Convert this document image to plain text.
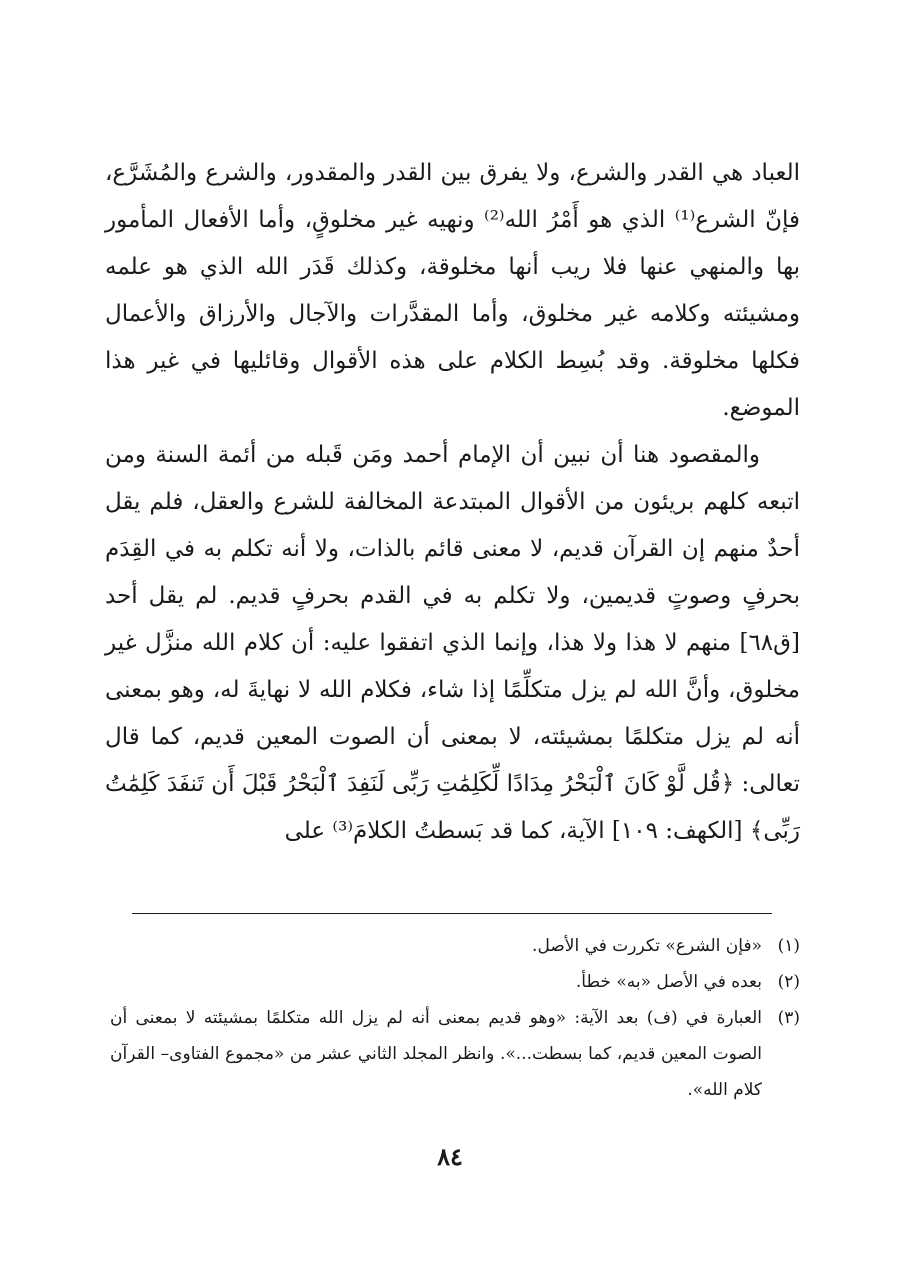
العباد هي القدر والشرع، ولا يفرق بين القدر والمقدور، والشرع والمُشَرَّع، فإنّ الشرع⁽¹⁾ الذي هو أَمْرُ الله⁽²⁾ ونهيه غير مخلوقٍ، وأما الأفعال المأمور بها والمنهي عنها فلا ريب أنها مخلوقة، وكذلك قَدَر الله الذي هو علمه ومشيئته وكلامه غير مخلوق، وأما المقدَّرات والآجال والأرزاق والأعمال فكلها مخلوقة. وقد بُسِط الكلام على هذه الأقوال وقائليها في غير هذا الموضع.

والمقصود هنا أن نبين أن الإمام أحمد ومَن قَبله من أئمة السنة ومن اتبعه كلهم بريئون من الأقوال المبتدعة المخالفة للشرع والعقل، فلم يقل أحدٌ منهم إن القرآن قديم، لا معنى قائم بالذات، ولا أنه تكلم به في القِدَم بحرفٍ وصوتٍ قديمين، ولا تكلم به في القدم بحرفٍ قديم. لم يقل أحد [ق٦٨] منهم لا هذا ولا هذا، وإنما الذي اتفقوا عليه: أن كلام الله منزَّل غير مخلوق، وأنَّ الله لم يزل متكلِّمًا إذا شاء، فكلام الله لا نهايةَ له، وهو بمعنى أنه لم يزل متكلمًا بمشيئته، لا بمعنى أن الصوت المعين قديم، كما قال تعالى: ﴿قُل لَّوْ كَانَ ٱلْبَحْرُ مِدَادًا لِّكَلِمَٰتِ رَبِّى لَنَفِدَ ٱلْبَحْرُ قَبْلَ أَن تَنفَدَ كَلِمَٰتُ رَبِّى﴾ [الكهف: ١٠٩] الآية، كما قد بَسطتُ الكلامَ⁽³⁾ على

(١)
«فإن الشرع» تكررت في الأصل.
(٢)
بعده في الأصل «به» خطأ.
(٣)
العبارة في (ف) بعد الآية: «وهو قديم بمعنى أنه لم يزل الله متكلمًا بمشيئته لا بمعنى أن الصوت المعين قديم، كما بسطت...». وانظر المجلد الثاني عشر من «مجموع الفتاوى– القرآن كلام الله».
٨٤
